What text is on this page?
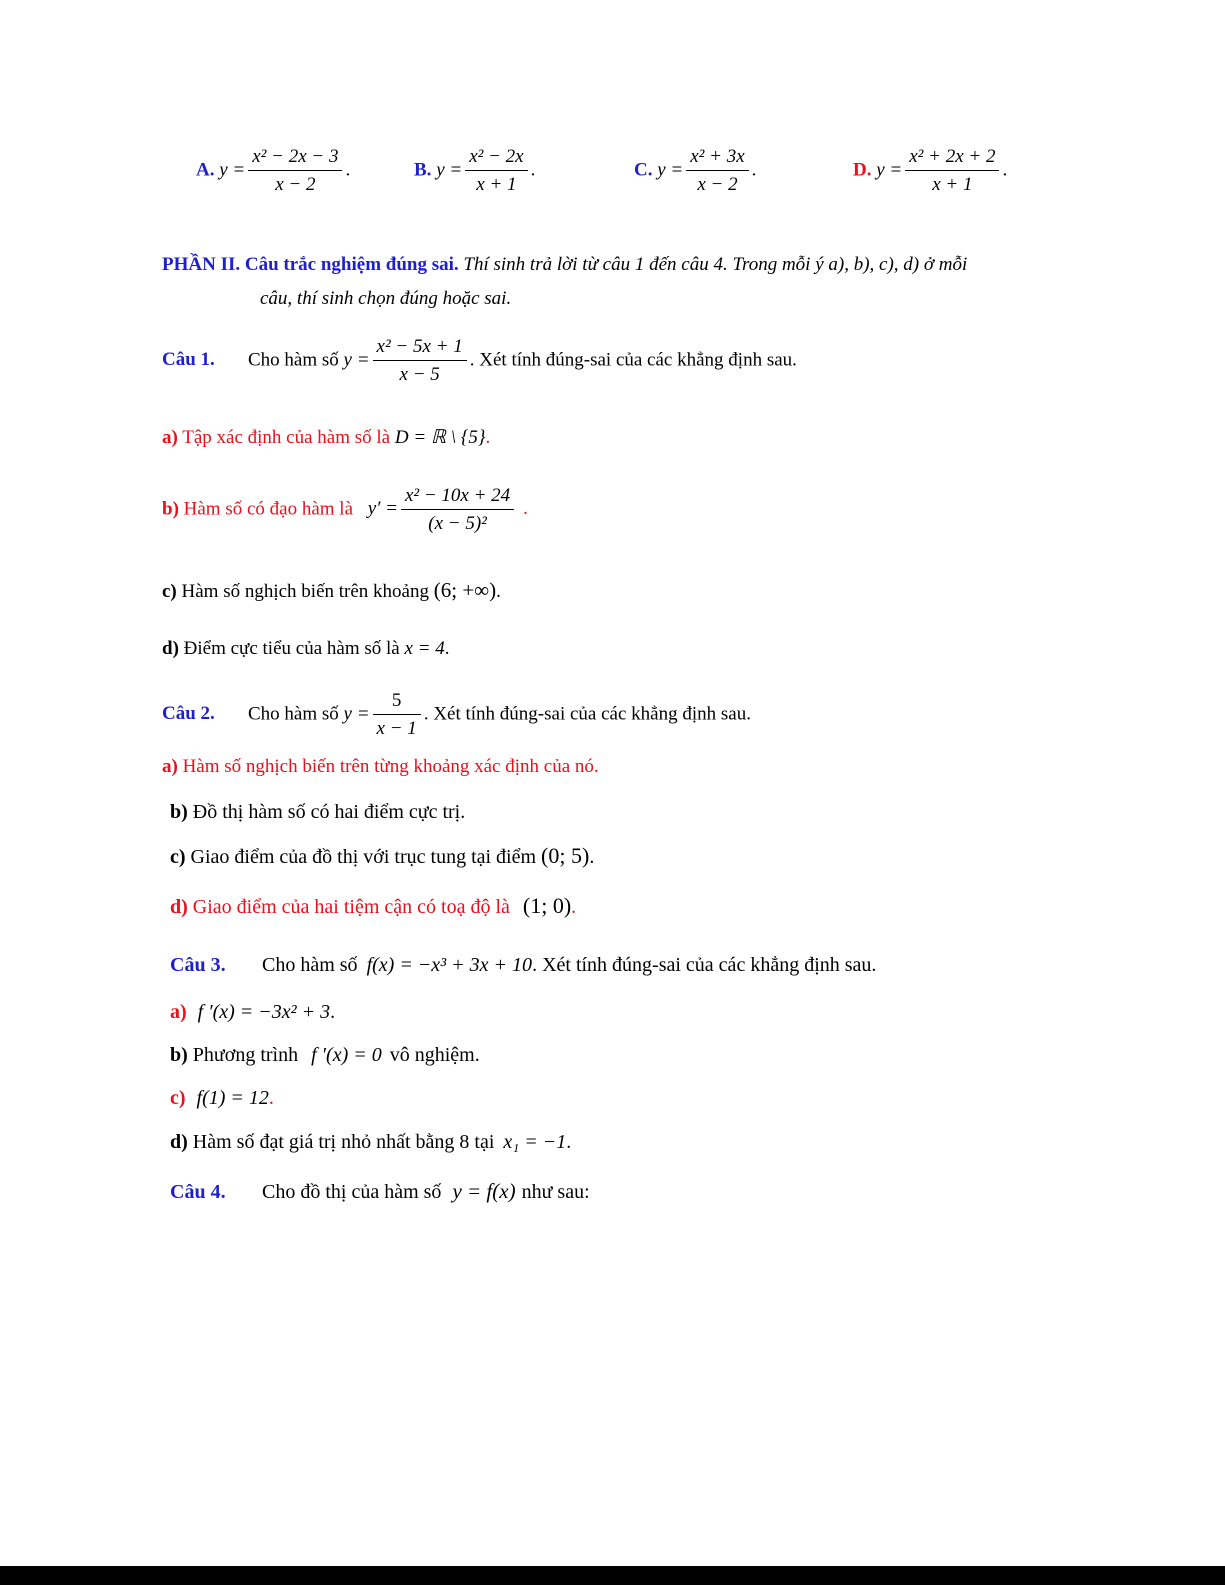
A. $y = \frac{\text{x² − 2x − 3}}{x - 2}$ .	B. $y = \frac{\text{x² − 2x}}{x + 1}$ .	C. $y = \frac{\text{x² + 3x}}{x - 2}$ .	D. $y = \frac{\text{x² + 2x + 2}}{x + 1}$ .
PHẦN II. Câu trắc nghiệm đúng sai. Thí sinh trả lời từ câu 1 đến câu 4. Trong mỗi ý a), b), c), d) ở mỗi
câu, thí sinh chọn đúng hoặc sai.
Câu 1. Cho hàm số $y = \frac{\text{x² − 5x + 1}}{x - 5}$ . Xét tính đúng-sai của các khẳng định sau.
a) Tập xác định của hàm số là D = ℝ \ {5}.
b) Hàm số có đạo hàm là $y' = \frac{\text{x² − 10x + 24}}{\text{(x − 5)²}}$ .
c) Hàm số nghịch biến trên khoảng (6; +∞).
d) Điểm cực tiểu của hàm số là x = 4.
Câu 2. Cho hàm số $y = \frac{5}{x - 1}$ . Xét tính đúng-sai của các khẳng định sau.
a) Hàm số nghịch biến trên từng khoảng xác định của nó.
b) Đồ thị hàm số có hai điểm cực trị.
c) Giao điểm của đồ thị với trục tung tại điểm (0; 5).
d) Giao điểm của hai tiệm cận có toạ độ là (1; 0).
Câu 3. Cho hàm số f(x) = −x³ + 3x + 10. Xét tính đúng-sai của các khẳng định sau.
a) f ′(x) = −3x² + 3.
b) Phương trình f ′(x) = 0 vô nghiệm.
c) f(1) = 12.
d) Hàm số đạt giá trị nhỏ nhất bằng 8 tại x₁ = −1.
Câu 4. Cho đồ thị của hàm số y = f(x) như sau:
